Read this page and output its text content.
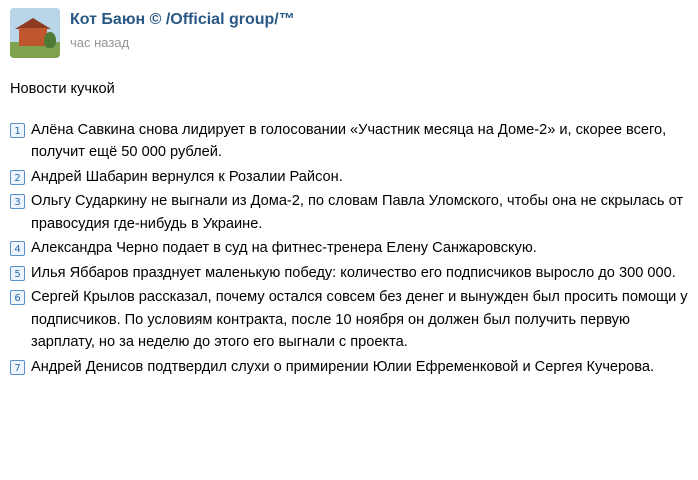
Кот Баюн © /Official group/™
час назад

Новости кучкой

1 Алёна Савкина снова лидирует в голосовании «Участник месяца на Доме-2» и, скорее всего, получит ещё 50 000 рублей.
2 Андрей Шабарин вернулся к Розалии Райсон.
3 Ольгу Сударкину не выгнали из Дома-2, по словам Павла Уломского, чтобы она не скрылась от правосудия где-нибудь в Украине.
4 Александра Черно подает в суд на фитнес-тренера Елену Санжаровскую.
5 Илья Яббаров празднует маленькую победу: количество его подписчиков выросло до 300 000.
6 Сергей Крылов рассказал, почему остался совсем без денег и вынужден был просить помощи у подписчиков. По условиям контракта, после 10 ноября он должен был получить первую зарплату, но за неделю до этого его выгнали с проекта.
7 Андрей Денисов подтвердил слухи о примирении Юлии Ефременковой и Сергея Кучерова.
